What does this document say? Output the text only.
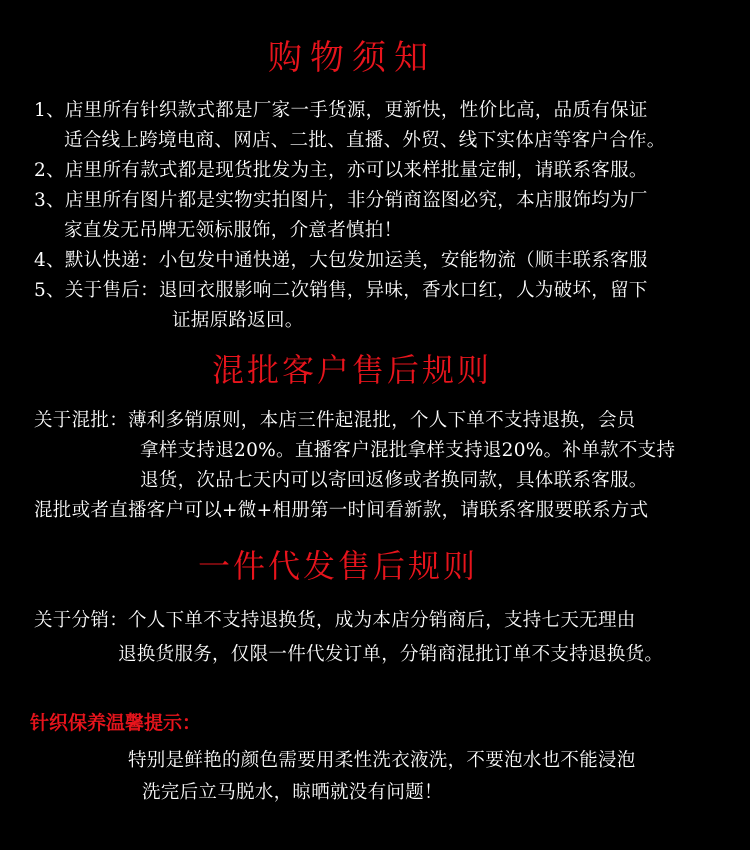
购物须知
1、店里所有针织款式都是厂家一手货源，更新快，性价比高，品质有保证
适合线上跨境电商、网店、二批、直播、外贸、线下实体店等客户合作。
2、店里所有款式都是现货批发为主，亦可以来样批量定制，请联系客服。
3、店里所有图片都是实物实拍图片，非分销商盗图必究，本店服饰均为厂
家直发无吊牌无领标服饰，介意者慎拍！
4、默认快递：小包发中通快递，大包发加运美，安能物流（顺丰联系客服
5、关于售后：退回衣服影响二次销售，异味，香水口红，人为破坏，留下
证据原路返回。
混批客户售后规则
关于混批：薄利多销原则，本店三件起混批，个人下单不支持退换，会员
拿样支持退20%。直播客户混批拿样支持退20%。补单款不支持
退货，次品七天内可以寄回返修或者换同款，具体联系客服。
混批或者直播客户可以+微+相册第一时间看新款，请联系客服要联系方式
一件代发售后规则
关于分销：个人下单不支持退换货，成为本店分销商后，支持七天无理由
退换货服务，仅限一件代发订单，分销商混批订单不支持退换货。
针织保养温馨提示：
特别是鲜艳的颜色需要用柔性洗衣液洗，不要泡水也不能浸泡
洗完后立马脱水，晾晒就没有问题！
